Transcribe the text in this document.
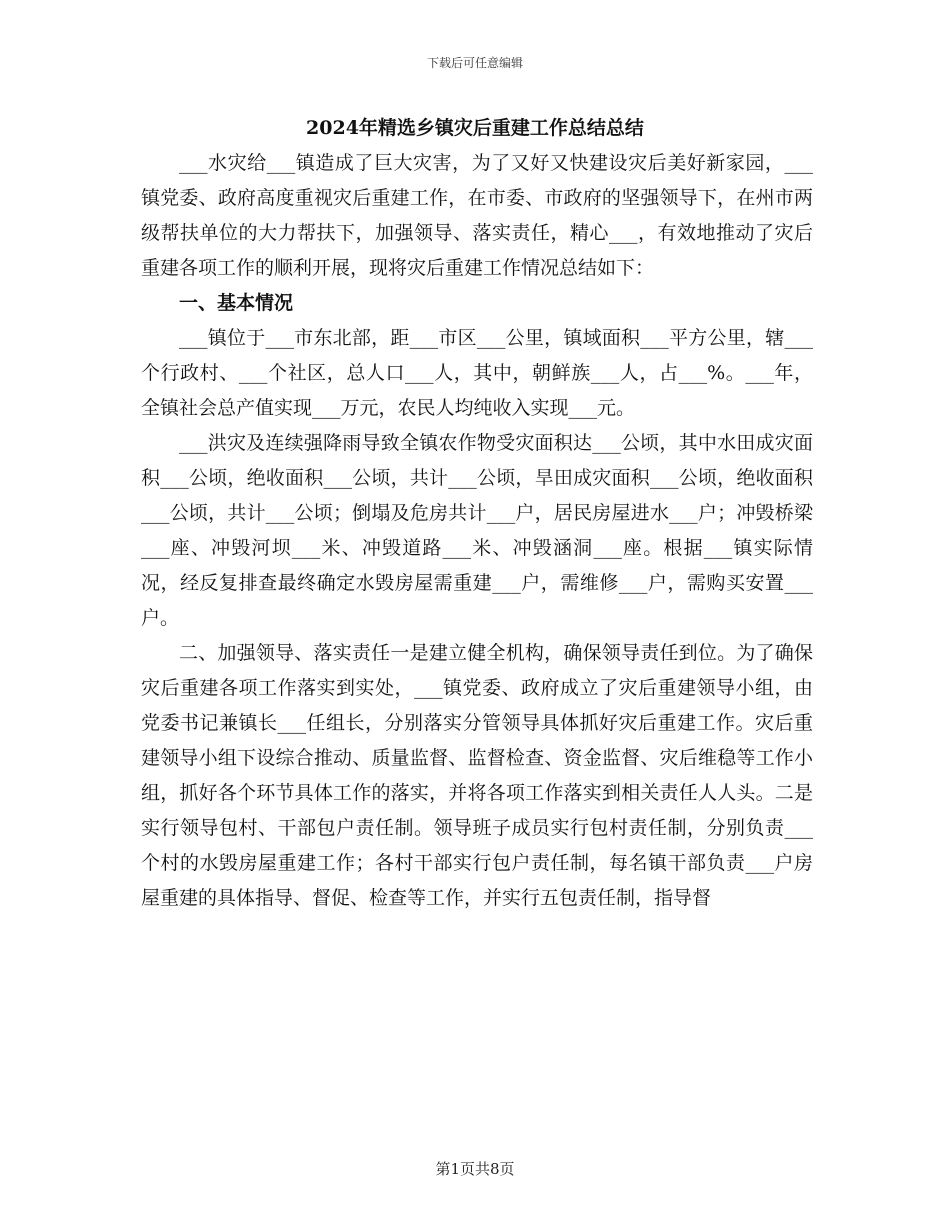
下载后可任意编辑
2024年精选乡镇灾后重建工作总结总结

___水灾给___镇造成了巨大灾害，为了又好又快建设灾后美好新家园，___镇党委、政府高度重视灾后重建工作，在市委、市政府的坚强领导下，在州市两级帮扶单位的大力帮扶下，加强领导、落实责任，精心___，有效地推动了灾后重建各项工作的顺利开展，现将灾后重建工作情况总结如下：

一、基本情况

___镇位于___市东北部，距___市区___公里，镇域面积___平方公里，辖___个行政村、___个社区，总人口___人，其中，朝鲜族___人，占___%。___年，全镇社会总产值实现___万元，农民人均纯收入实现___元。

___洪灾及连续强降雨导致全镇农作物受灾面积达___公顷，其中水田成灾面积___公顷，绝收面积___公顷，共计___公顷，旱田成灾面积___公顷，绝收面积___公顷，共计___公顷；倒塌及危房共计___户，居民房屋进水___户；冲毁桥梁___座、冲毁河坝___米、冲毁道路___米、冲毁涵洞___座。根据___镇实际情况，经反复排查最终确定水毁房屋需重建___户，需维修___户，需购买安置___户。

二、加强领导、落实责任一是建立健全机构，确保领导责任到位。为了确保灾后重建各项工作落实到实处，___镇党委、政府成立了灾后重建领导小组，由党委书记兼镇长___任组长，分别落实分管领导具体抓好灾后重建工作。灾后重建领导小组下设综合推动、质量监督、监督检查、资金监督、灾后维稳等工作小组，抓好各个环节具体工作的落实，并将各项工作落实到相关责任人人头。二是实行领导包村、干部包户责任制。领导班子成员实行包村责任制，分别负责___个村的水毁房屋重建工作；各村干部实行包户责任制，每名镇干部负责___户房屋重建的具体指导、督促、检查等工作，并实行五包责任制，指导督

第1页共8页
